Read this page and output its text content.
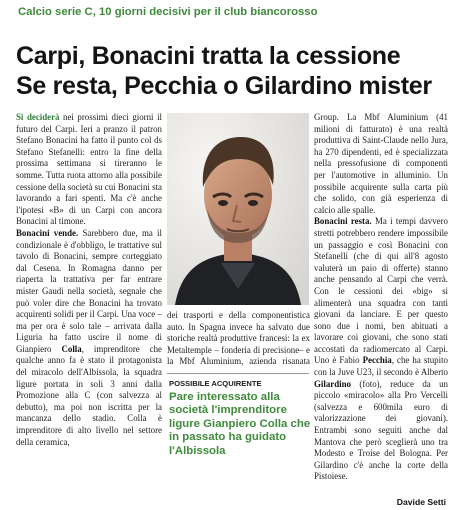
Calcio serie C, 10 giorni decisivi per il club biancorosso
Carpi, Bonacini tratta la cessione
Se resta, Pecchia o Gilardino mister

Si deciderà nei prossimi dieci giorni il futuro del Carpi. Ieri a pranzo il patron Stefano Bonacini ha fatto il punto col ds Stefano Stefanelli: entro la fine della prossima settimana si tireranno le somme. Tutta ruota attorno alla possibile cessione della società su cui Bonacini sta lavorando a fari spenti. Ma c'è anche l'ipotesi «B» di un Carpi con ancora Bonacini al timone.

Bonacini vende. Sarebbero due, ma il condizionale è d'obbligo, le trattative sul tavolo di Bonacini, sempre corteggiato dal Cesena. In Romagna danno per riaperta la trattativa per far entrare mister Gaudi nella società, segnale che può voler dire che Bonacini ha trovato acquirenti solidi per il Carpi. Una voce – ma per ora è solo tale – arrivata dalla Liguria ha fatto uscire il nome di Gianpiero Colla, imprenditore che qualche anno fa è stato il protagonista del miracolo dell'Albissola, la squadra ligure portata in soli 3 anni dalla Promozione alla C (con salvezza al debutto), ma poi non iscritta per la mancanza dello stadio. Colla è imprenditore di alto livello nel settore della ceramica,

dei trasporti e della componentistica auto. In Spagna invece ha salvato due storiche realtà produttive francesi: la ex Metaltemple – fonderia di precisione– e la Mbf Aluminium, azienda risanata

POSSIBILE ACQUIRENTE
Pare interessato alla società l'imprenditore ligure Gianpiero Colla che in passato ha guidato l'Albissola

Group. La Mbf Aluminium (41 milioni di fatturato) è una realtà produttiva di Saint-Claude nello Jura, ha 270 dipendenti, ed è specializzata nella pressofusione di componenti per l'automotive in alluminio. Un possibile acquirente sulla carta più che solido, con già esperienza di calcio alle spalle.

Bonacini resta. Ma i tempi davvero stretti potrebbero rendere impossibile un passaggio e così Bonacini con Stefanelli (che di qui all'8 agosto valuterà un paio di offerte) stanno anche pensando al Carpi che verrà. Con le cessioni dei «big» si alimenterà una squadra con tanti giovani da lanciare. E per questo sono due i nomi, ben abituati a lavorare coi giovani, che sono stati accostati da radiomercato al Carpi. Uno è Fabio Pecchia, che ha stupito con la Juve U23, il secondo è Alberto Gilardino (foto), reduce da un piccolo «miracolo» alla Pro Vercelli (salvezza e 600mila euro di valorizzazione dei giovani). Entrambi sono seguiti anche dal Mantova che però sceglierà uno tra Modesto e Troise del Bologna. Per Gilardino c'è anche la corte della Pistoiese.

Davide Setti
